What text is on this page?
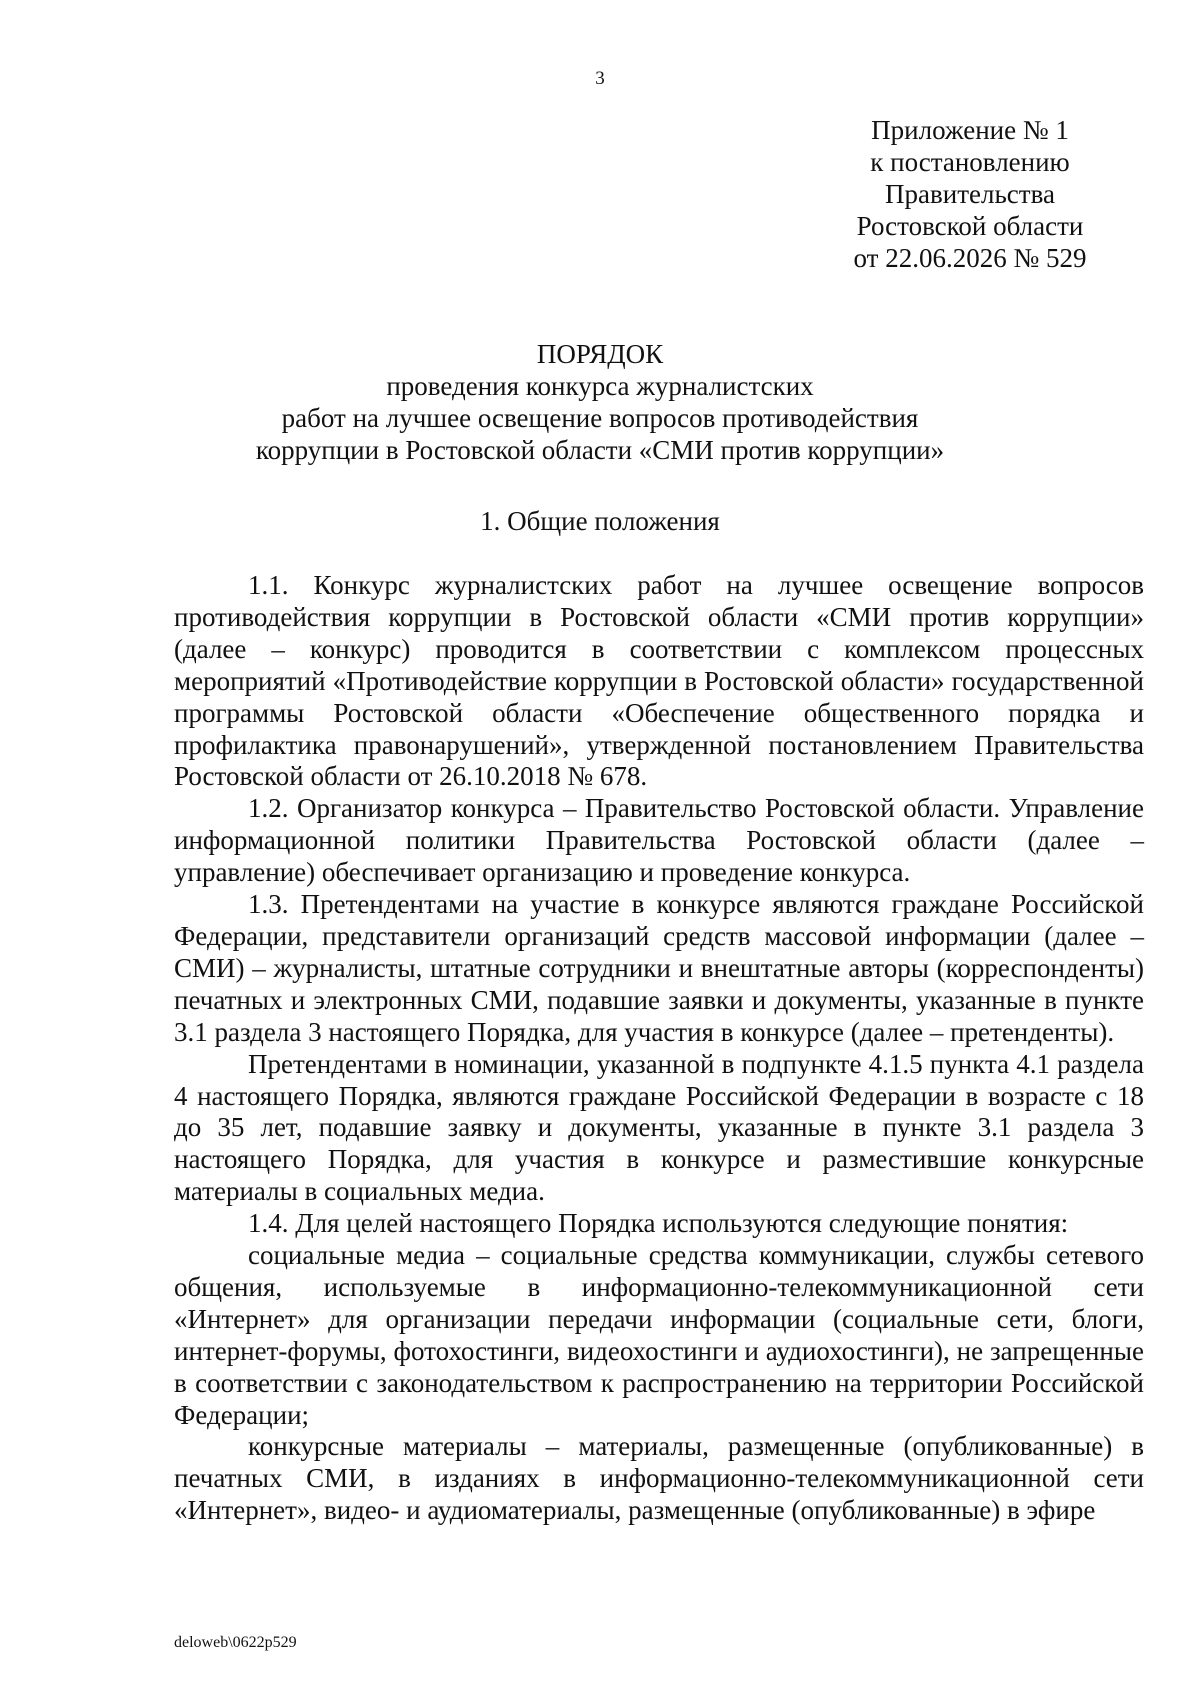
3
Приложение № 1
к постановлению
Правительства
Ростовской области
от 22.06.2026 № 529
ПОРЯДОК
проведения конкурса журналистских
работ на лучшее освещение вопросов противодействия
коррупции в Ростовской области «СМИ против коррупции»
1. Общие положения

1.1. Конкурс журналистских работ на лучшее освещение вопросов противодействия коррупции в Ростовской области «СМИ против коррупции» (далее – конкурс) проводится в соответствии с комплексом процессных мероприятий «Противодействие коррупции в Ростовской области» государственной программы Ростовской области «Обеспечение общественного порядка и профилактика правонарушений», утвержденной постановлением Правительства Ростовской области от 26.10.2018 № 678.

1.2. Организатор конкурса – Правительство Ростовской области. Управление информационной политики Правительства Ростовской области (далее – управление) обеспечивает организацию и проведение конкурса.

1.3. Претендентами на участие в конкурсе являются граждане Российской Федерации, представители организаций средств массовой информации (далее – СМИ) – журналисты, штатные сотрудники и внештатные авторы (корреспонденты) печатных и электронных СМИ, подавшие заявки и документы, указанные в пункте 3.1 раздела 3 настоящего Порядка, для участия в конкурсе (далее – претенденты).

Претендентами в номинации, указанной в подпункте 4.1.5 пункта 4.1 раздела 4 настоящего Порядка, являются граждане Российской Федерации в возрасте с 18 до 35 лет, подавшие заявку и документы, указанные в пункте 3.1 раздела 3 настоящего Порядка, для участия в конкурсе и разместившие конкурсные материалы в социальных медиа.

1.4. Для целей настоящего Порядка используются следующие понятия:

социальные медиа – социальные средства коммуникации, службы сетевого общения, используемые в информационно-телекоммуникационной сети «Интернет» для организации передачи информации (социальные сети, блоги, интернет-форумы, фотохостинги, видеохостинги и аудиохостинги), не запрещенные в соответствии с законодательством к распространению на территории Российской Федерации;

конкурсные материалы – материалы, размещенные (опубликованные) в печатных СМИ, в изданиях в информационно-телекоммуникационной сети «Интернет», видео- и аудиоматериалы, размещенные (опубликованные) в эфире

deloweb\0622p529
